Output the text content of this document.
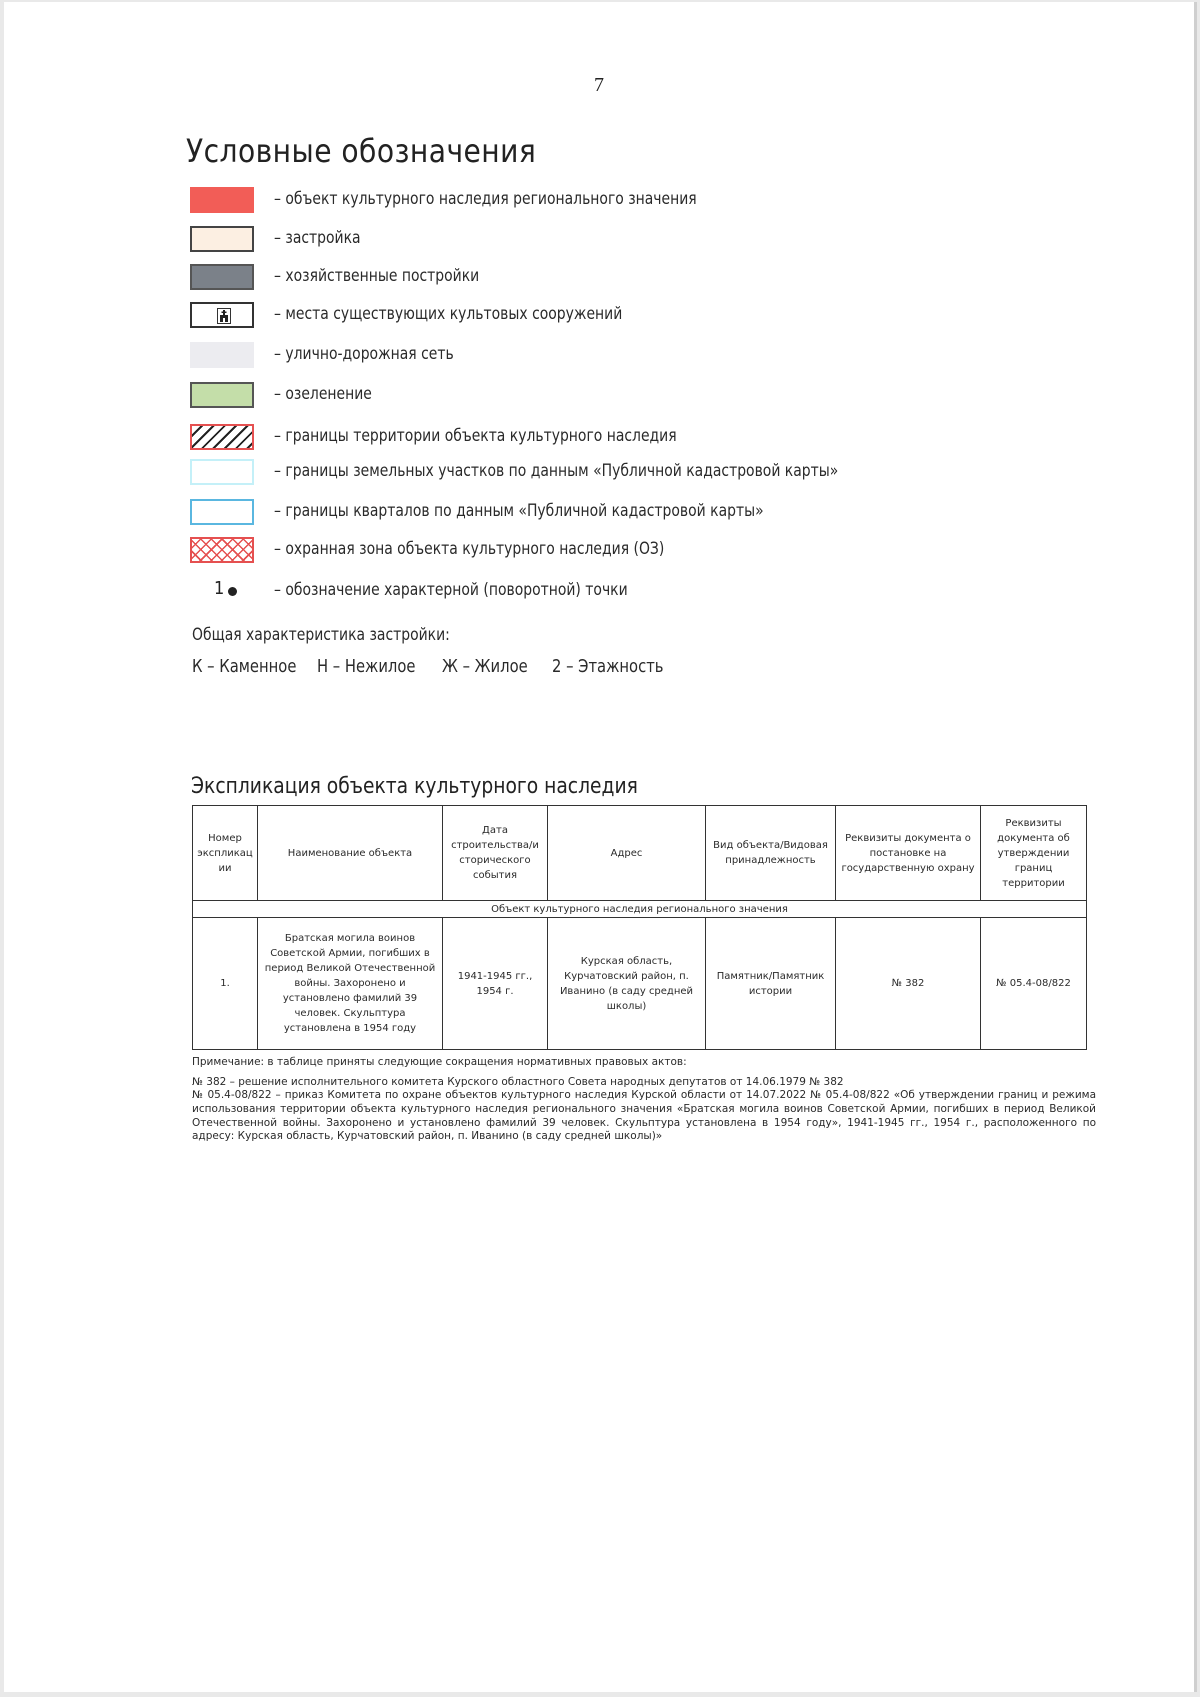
7
Условные обозначения
– объект культурного наследия регионального значения
– застройка
– хозяйственные постройки
– места существующих культовых сооружений
– улично-дорожная сеть
– озеленение
– границы территории объекта культурного наследия
– границы земельных участков по данным «Публичной кадастровой карты»
– границы кварталов по данным «Публичной кадастровой карты»
– охранная зона объекта культурного наследия (ОЗ)
1	– обозначение характерной (поворотной) точки
Общая характеристика застройки:
К – Каменное Н – Нежилое Ж – Жилое 2 – Этажность
Экспликация объекта культурного наследия
Номер экспликац ии	Наименование объекта	Дата строительства/и сторического события	Адрес	Вид объекта/Видовая принадлежность	Реквизиты документа о постановке на государственную охрану	Реквизиты документа об утверждении границ территории
Объект культурного наследия регионального значения						
1.	Братская могила воинов Советской Армии, погибших в период Великой Отечественной войны. Захоронено и установлено фамилий 39 человек. Скульптура установлена в 1954 году	1941-1945 гг., 1954 г.	Курская область, Курчатовский район, п. Иванино (в саду средней школы)	Памятник/Памятник истории	№ 382	№ 05.4-08/822
Примечание: в таблице приняты следующие сокращения нормативных правовых актов:

№ 382 – решение исполнительного комитета Курского областного Совета народных депутатов от 14.06.1979 № 382

№ 05.4-08/822 – приказ Комитета по охране объектов культурного наследия Курской области от 14.07.2022 № 05.4-08/822 «Об утверждении границ и режима использования территории объекта культурного наследия регионального значения «Братская могила воинов Советской Армии, погибших в период Великой Отечественной войны. Захоронено и установлено фамилий 39 человек. Скульптура установлена в 1954 году», 1941-1945 гг., 1954 г., расположенного по адресу: Курская область, Курчатовский район, п. Иванино (в саду средней школы)»
